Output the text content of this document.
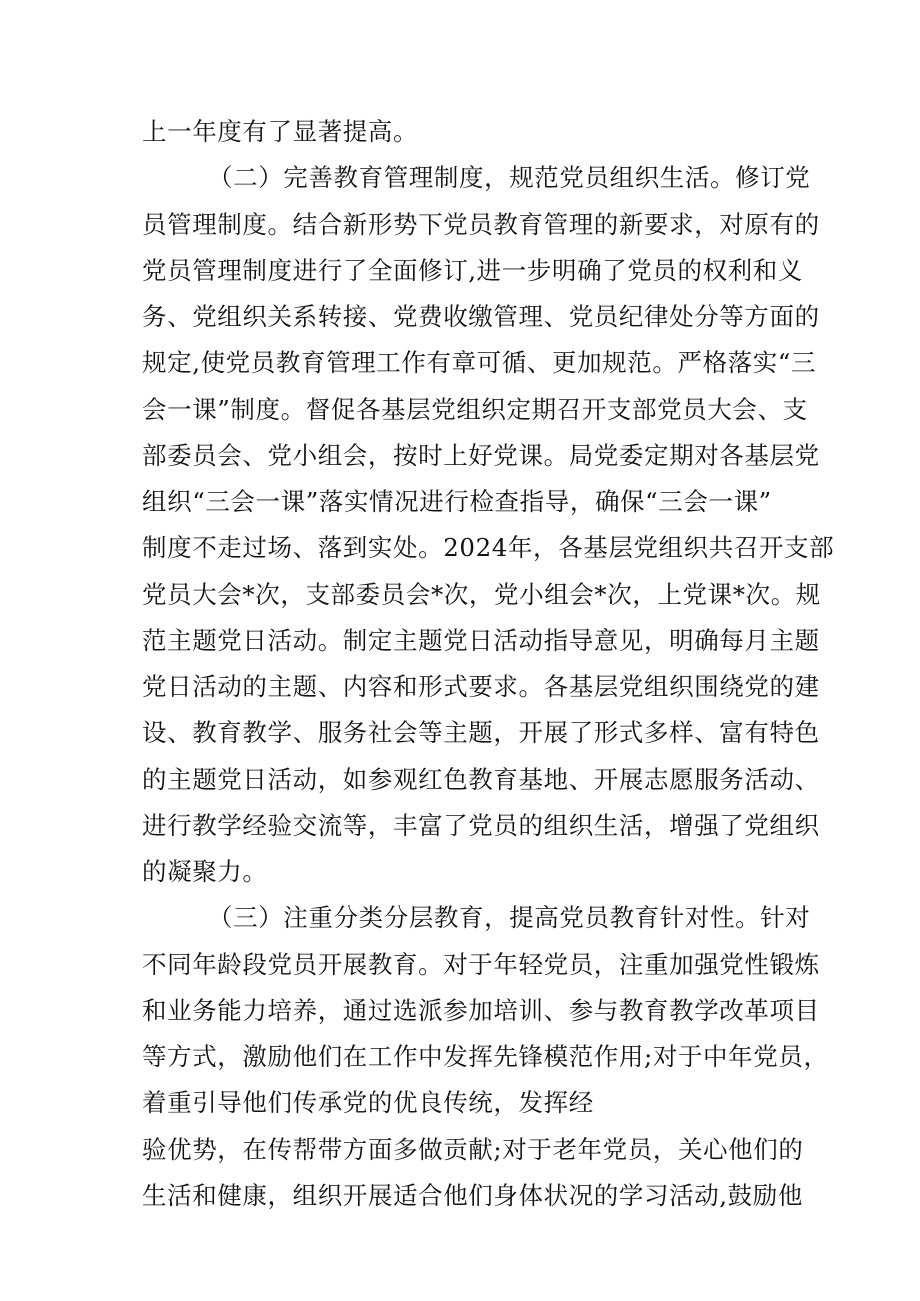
上一年度有了显著提高。
（二）完善教育管理制度，规范党员组织生活。修订党
员管理制度。结合新形势下党员教育管理的新要求，对原有的
党员管理制度进行了全面修订,进一步明确了党员的权利和义
务、党组织关系转接、党费收缴管理、党员纪律处分等方面的
规定,使党员教育管理工作有章可循、更加规范。严格落实“三
会一课”制度。督促各基层党组织定期召开支部党员大会、支
部委员会、党小组会，按时上好党课。局党委定期对各基层党
组织“三会一课”落实情况进行检查指导，确保“三会一课”
制度不走过场、落到实处。2024年，各基层党组织共召开支部
党员大会*次，支部委员会*次，党小组会*次，上党课*次。规
范主题党日活动。制定主题党日活动指导意见，明确每月主题
党日活动的主题、内容和形式要求。各基层党组织围绕党的建
设、教育教学、服务社会等主题，开展了形式多样、富有特色
的主题党日活动，如参观红色教育基地、开展志愿服务活动、
进行教学经验交流等，丰富了党员的组织生活，增强了党组织
的凝聚力。
（三）注重分类分层教育，提高党员教育针对性。针对
不同年龄段党员开展教育。对于年轻党员，注重加强党性锻炼
和业务能力培养，通过选派参加培训、参与教育教学改革项目
等方式，激励他们在工作中发挥先锋模范作用;对于中年党员，
着重引导他们传承党的优良传统，发挥经
验优势，在传帮带方面多做贡献;对于老年党员，关心他们的
生活和健康，组织开展适合他们身体状况的学习活动,鼓励他
